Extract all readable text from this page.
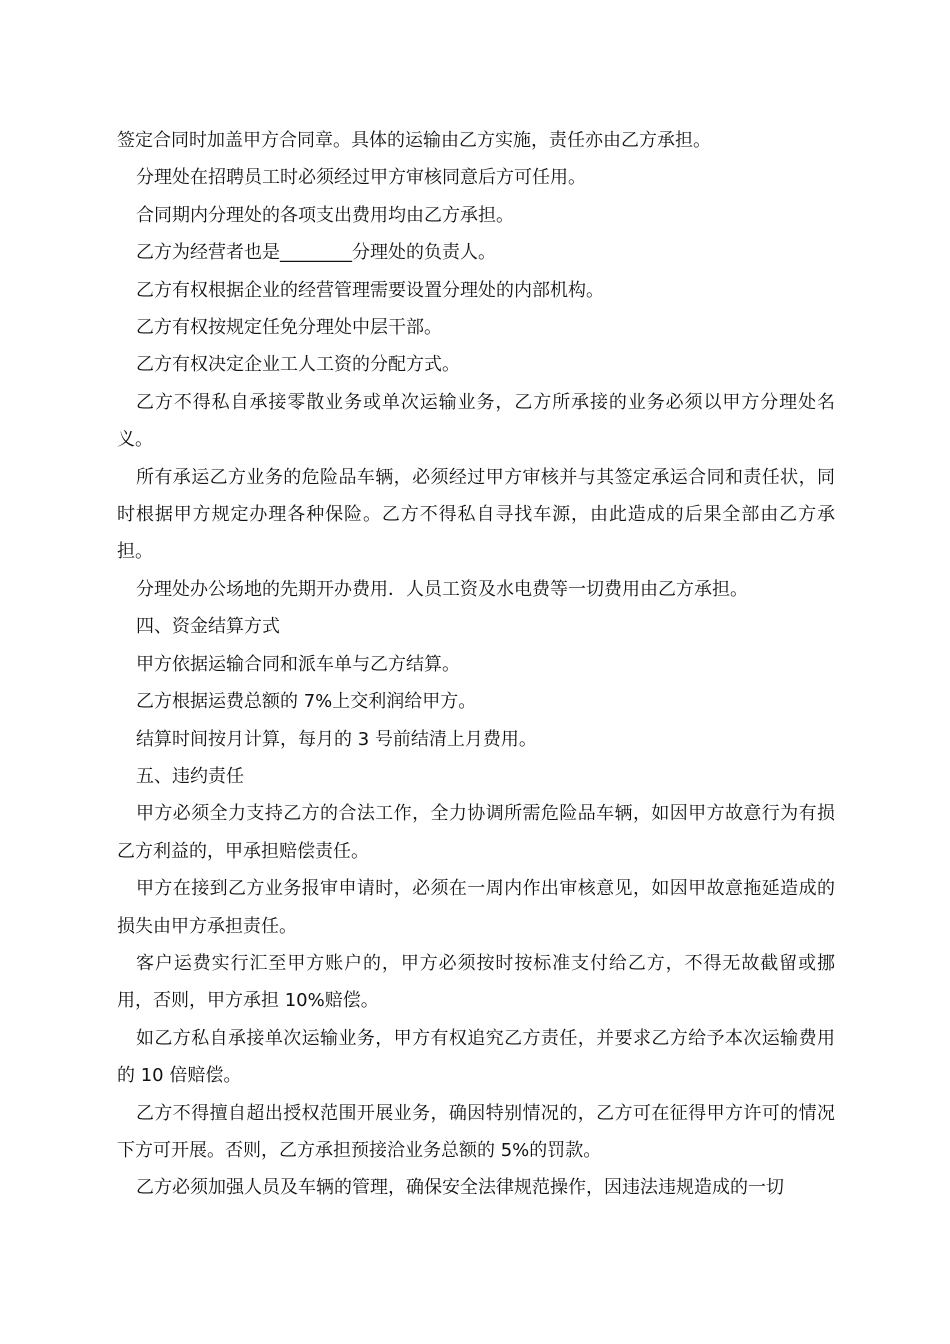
签定合同时加盖甲方合同章。具体的运输由乙方实施，责任亦由乙方承担。

分理处在招聘员工时必须经过甲方审核同意后方可任用。

合同期内分理处的各项支出费用均由乙方承担。

乙方为经营者也是________分理处的负责人。

乙方有权根据企业的经营管理需要设置分理处的内部机构。

乙方有权按规定任免分理处中层干部。

乙方有权决定企业工人工资的分配方式。

乙方不得私自承接零散业务或单次运输业务，乙方所承接的业务必须以甲方分理处名义。

所有承运乙方业务的危险品车辆，必须经过甲方审核并与其签定承运合同和责任状，同时根据甲方规定办理各种保险。乙方不得私自寻找车源，由此造成的后果全部由乙方承担。

分理处办公场地的先期开办费用．人员工资及水电费等一切费用由乙方承担。

四、资金结算方式

甲方依据运输合同和派车单与乙方结算。

乙方根据运费总额的 7%上交利润给甲方。

结算时间按月计算，每月的 3 号前结清上月费用。

五、违约责任

甲方必须全力支持乙方的合法工作，全力协调所需危险品车辆，如因甲方故意行为有损乙方利益的，甲承担赔偿责任。

甲方在接到乙方业务报审申请时，必须在一周内作出审核意见，如因甲故意拖延造成的损失由甲方承担责任。

客户运费实行汇至甲方账户的，甲方必须按时按标准支付给乙方，不得无故截留或挪用，否则，甲方承担 10%赔偿。

如乙方私自承接单次运输业务，甲方有权追究乙方责任，并要求乙方给予本次运输费用的 10 倍赔偿。

乙方不得擅自超出授权范围开展业务，确因特别情况的，乙方可在征得甲方许可的情况下方可开展。否则，乙方承担预接洽业务总额的 5%的罚款。

乙方必须加强人员及车辆的管理，确保安全法律规范操作，因违法违规造成的一切
